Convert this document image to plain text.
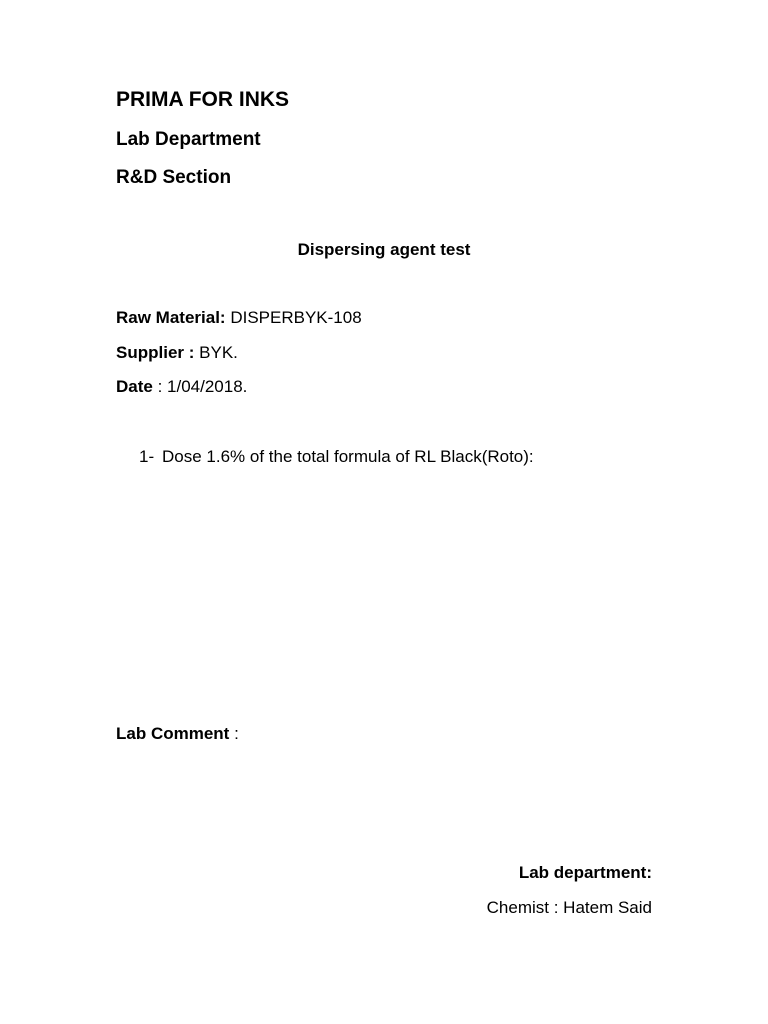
PRIMA FOR INKS
Lab Department
R&D Section
Dispersing agent test
Raw Material: DISPERBYK-108
Supplier : BYK.
Date : 1/04/2018.
1- Dose 1.6% of the total formula of RL Black(Roto):
Lab Comment :
Lab department:
Chemist : Hatem Said
